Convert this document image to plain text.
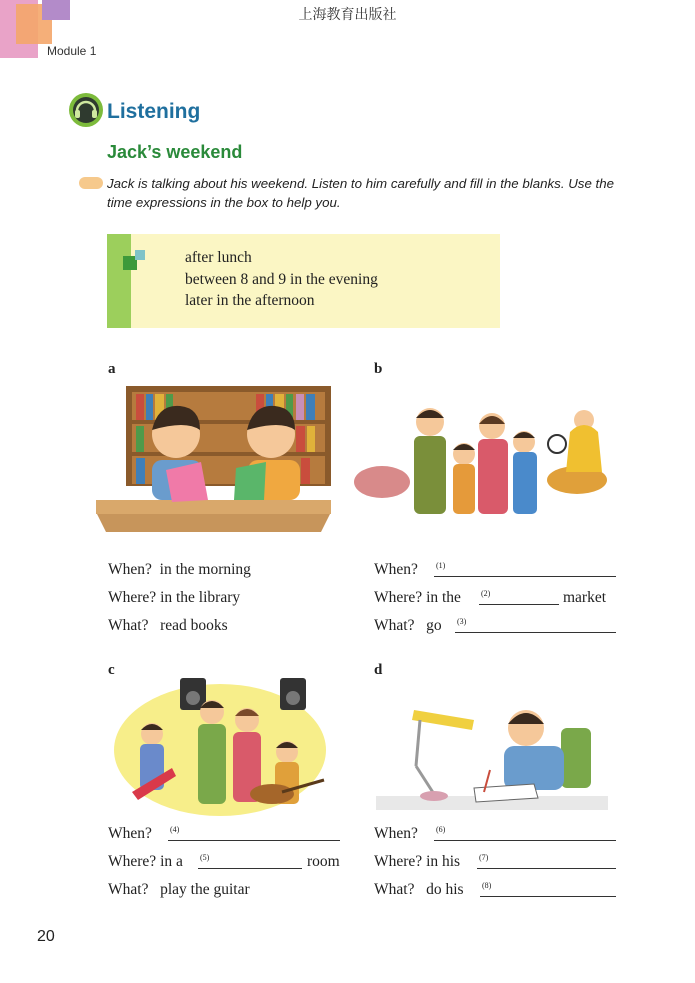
上海教育出版社
Module 1
Listening
Jack’s weekend
Jack is talking about his weekend. Listen to him carefully and fill in the blanks. Use the time expressions in the box to help you.
after lunch
between 8 and 9 in the evening
later in the afternoon
a
When? in the morning
Where? in the library
What? read books
b
When? (1)
Where? in the	(2)	market
What? go (3)
c
When? (4)
Where? in a (5)	room
What? play the guitar
d
When? (6)
Where? in his (7)
What? do his (8)
20
